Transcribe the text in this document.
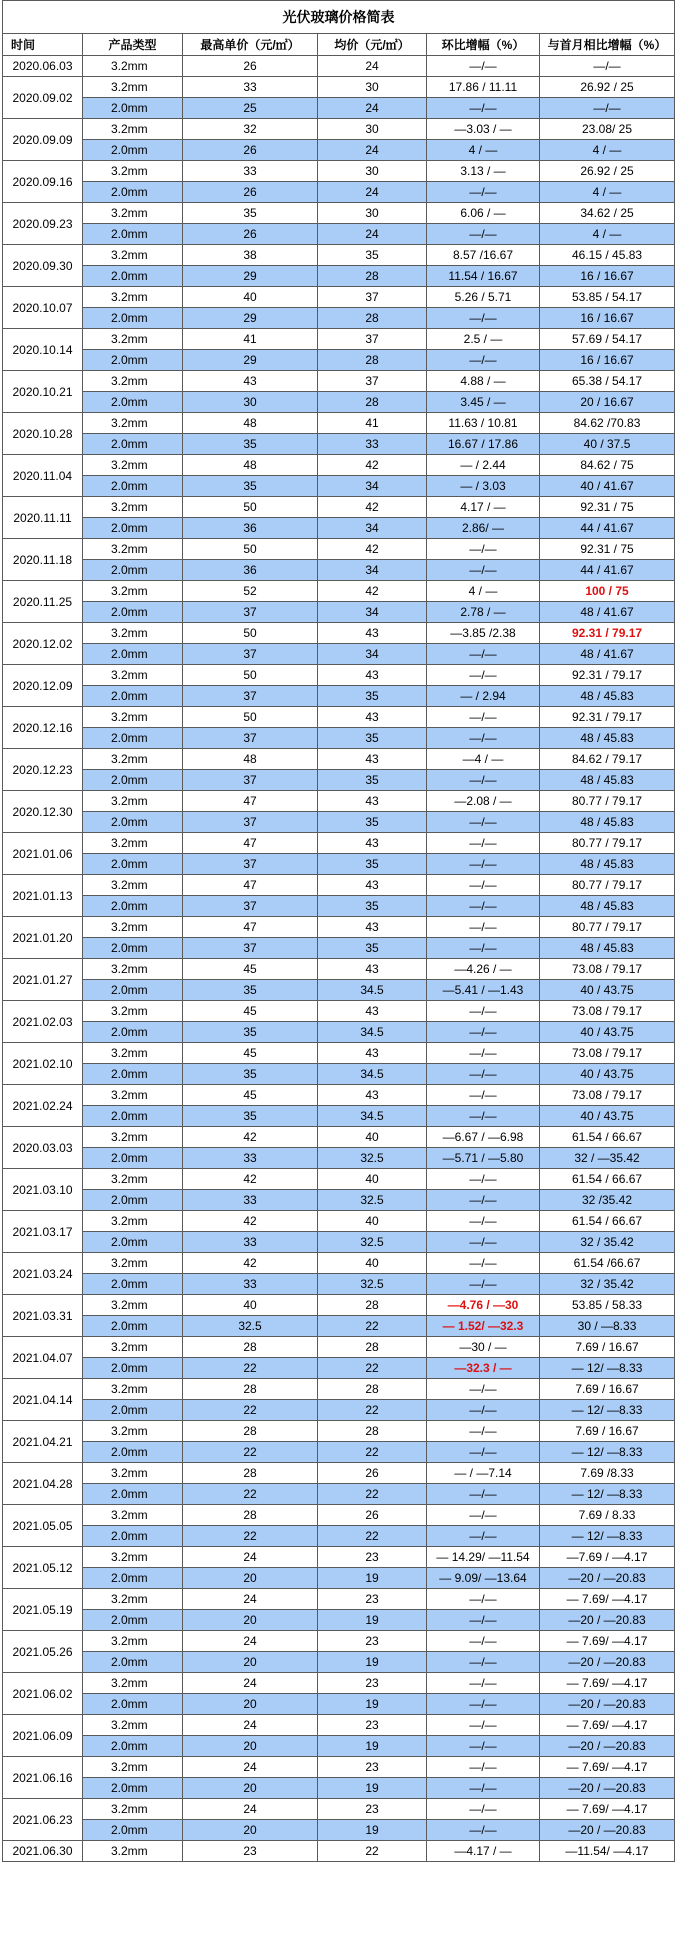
光伏玻璃价格简表					
时间	产品类型	最高单价（元/㎡）	均价（元/㎡）	环比增幅（%）	与首月相比增幅（%）
2020.06.03	3.2mm	26	24	—/—	—/—
2020.09.02	3.2mm	33	30	17.86 / 11.11	26.92 / 25
	2.0mm	25	24	—/—	—/—
2020.09.09	3.2mm	32	30	—3.03 / —	23.08/ 25
	2.0mm	26	24	4 / —	4 / —
2020.09.16	3.2mm	33	30	3.13 / —	26.92 / 25
	2.0mm	26	24	—/—	4 / —
2020.09.23	3.2mm	35	30	6.06 / —	34.62 / 25
	2.0mm	26	24	—/—	4 / —
2020.09.30	3.2mm	38	35	8.57 /16.67	46.15 / 45.83
	2.0mm	29	28	11.54 / 16.67	16 / 16.67
2020.10.07	3.2mm	40	37	5.26 / 5.71	53.85 / 54.17
	2.0mm	29	28	—/—	16 / 16.67
2020.10.14	3.2mm	41	37	2.5 / —	57.69 / 54.17
	2.0mm	29	28	—/—	16 / 16.67
2020.10.21	3.2mm	43	37	4.88 / —	65.38 / 54.17
	2.0mm	30	28	3.45 / —	20 / 16.67
2020.10.28	3.2mm	48	41	11.63 / 10.81	84.62 /70.83
	2.0mm	35	33	16.67 / 17.86	40 / 37.5
2020.11.04	3.2mm	48	42	— / 2.44	84.62 / 75
	2.0mm	35	34	— / 3.03	40 / 41.67
2020.11.11	3.2mm	50	42	4.17 / —	92.31 / 75
	2.0mm	36	34	2.86/ —	44 / 41.67
2020.11.18	3.2mm	50	42	—/—	92.31 / 75
	2.0mm	36	34	—/—	44 / 41.67
2020.11.25	3.2mm	52	42	4 / —	100 / 75
	2.0mm	37	34	2.78 / —	48 / 41.67
2020.12.02	3.2mm	50	43	—3.85 /2.38	92.31 / 79.17
	2.0mm	37	34	—/—	48 / 41.67
2020.12.09	3.2mm	50	43	—/—	92.31 / 79.17
	2.0mm	37	35	— / 2.94	48 / 45.83
2020.12.16	3.2mm	50	43	—/—	92.31 / 79.17
	2.0mm	37	35	—/—	48 / 45.83
2020.12.23	3.2mm	48	43	—4 / —	84.62 / 79.17
	2.0mm	37	35	—/—	48 / 45.83
2020.12.30	3.2mm	47	43	—2.08 / —	80.77 / 79.17
	2.0mm	37	35	—/—	48 / 45.83
2021.01.06	3.2mm	47	43	—/—	80.77 / 79.17
	2.0mm	37	35	—/—	48 / 45.83
2021.01.13	3.2mm	47	43	—/—	80.77 / 79.17
	2.0mm	37	35	—/—	48 / 45.83
2021.01.20	3.2mm	47	43	—/—	80.77 / 79.17
	2.0mm	37	35	—/—	48 / 45.83
2021.01.27	3.2mm	45	43	—4.26 / —	73.08 / 79.17
	2.0mm	35	34.5	—5.41 / —1.43	40 / 43.75
2021.02.03	3.2mm	45	43	—/—	73.08 / 79.17
	2.0mm	35	34.5	—/—	40 / 43.75
2021.02.10	3.2mm	45	43	—/—	73.08 / 79.17
	2.0mm	35	34.5	—/—	40 / 43.75
2021.02.24	3.2mm	45	43	—/—	73.08 / 79.17
	2.0mm	35	34.5	—/—	40 / 43.75
2020.03.03	3.2mm	42	40	—6.67 / —6.98	61.54 / 66.67
	2.0mm	33	32.5	—5.71 / —5.80	32 / —35.42
2021.03.10	3.2mm	42	40	—/—	61.54 / 66.67
	2.0mm	33	32.5	—/—	32 /35.42
2021.03.17	3.2mm	42	40	—/—	61.54 / 66.67
	2.0mm	33	32.5	—/—	32 / 35.42
2021.03.24	3.2mm	42	40	—/—	61.54 /66.67
	2.0mm	33	32.5	—/—	32 / 35.42
2021.03.31	3.2mm	40	28	—4.76 / —30	53.85 / 58.33
	2.0mm	32.5	22	— 1.52/ —32.3	30 / —8.33
2021.04.07	3.2mm	28	28	—30 / —	7.69 / 16.67
	2.0mm	22	22	—32.3 / —	— 12/ —8.33
2021.04.14	3.2mm	28	28	—/—	7.69 / 16.67
	2.0mm	22	22	—/—	— 12/ —8.33
2021.04.21	3.2mm	28	28	—/—	7.69 / 16.67
	2.0mm	22	22	—/—	— 12/ —8.33
2021.04.28	3.2mm	28	26	— / —7.14	7.69 /8.33
	2.0mm	22	22	—/—	— 12/ —8.33
2021.05.05	3.2mm	28	26	—/—	7.69 / 8.33
	2.0mm	22	22	—/—	— 12/ —8.33
2021.05.12	3.2mm	24	23	— 14.29/ —11.54	—7.69 / —4.17
	2.0mm	20	19	— 9.09/ —13.64	—20 / —20.83
2021.05.19	3.2mm	24	23	—/—	— 7.69/ —4.17
	2.0mm	20	19	—/—	—20 / —20.83
2021.05.26	3.2mm	24	23	—/—	— 7.69/ —4.17
	2.0mm	20	19	—/—	—20 / —20.83
2021.06.02	3.2mm	24	23	—/—	— 7.69/ —4.17
	2.0mm	20	19	—/—	—20 / —20.83
2021.06.09	3.2mm	24	23	—/—	— 7.69/ —4.17
	2.0mm	20	19	—/—	—20 / —20.83
2021.06.16	3.2mm	24	23	—/—	— 7.69/ —4.17
	2.0mm	20	19	—/—	—20 / —20.83
2021.06.23	3.2mm	24	23	—/—	— 7.69/ —4.17
	2.0mm	20	19	—/—	—20 / —20.83
2021.06.30	3.2mm	23	22	—4.17 / —	—11.54/ —4.17
